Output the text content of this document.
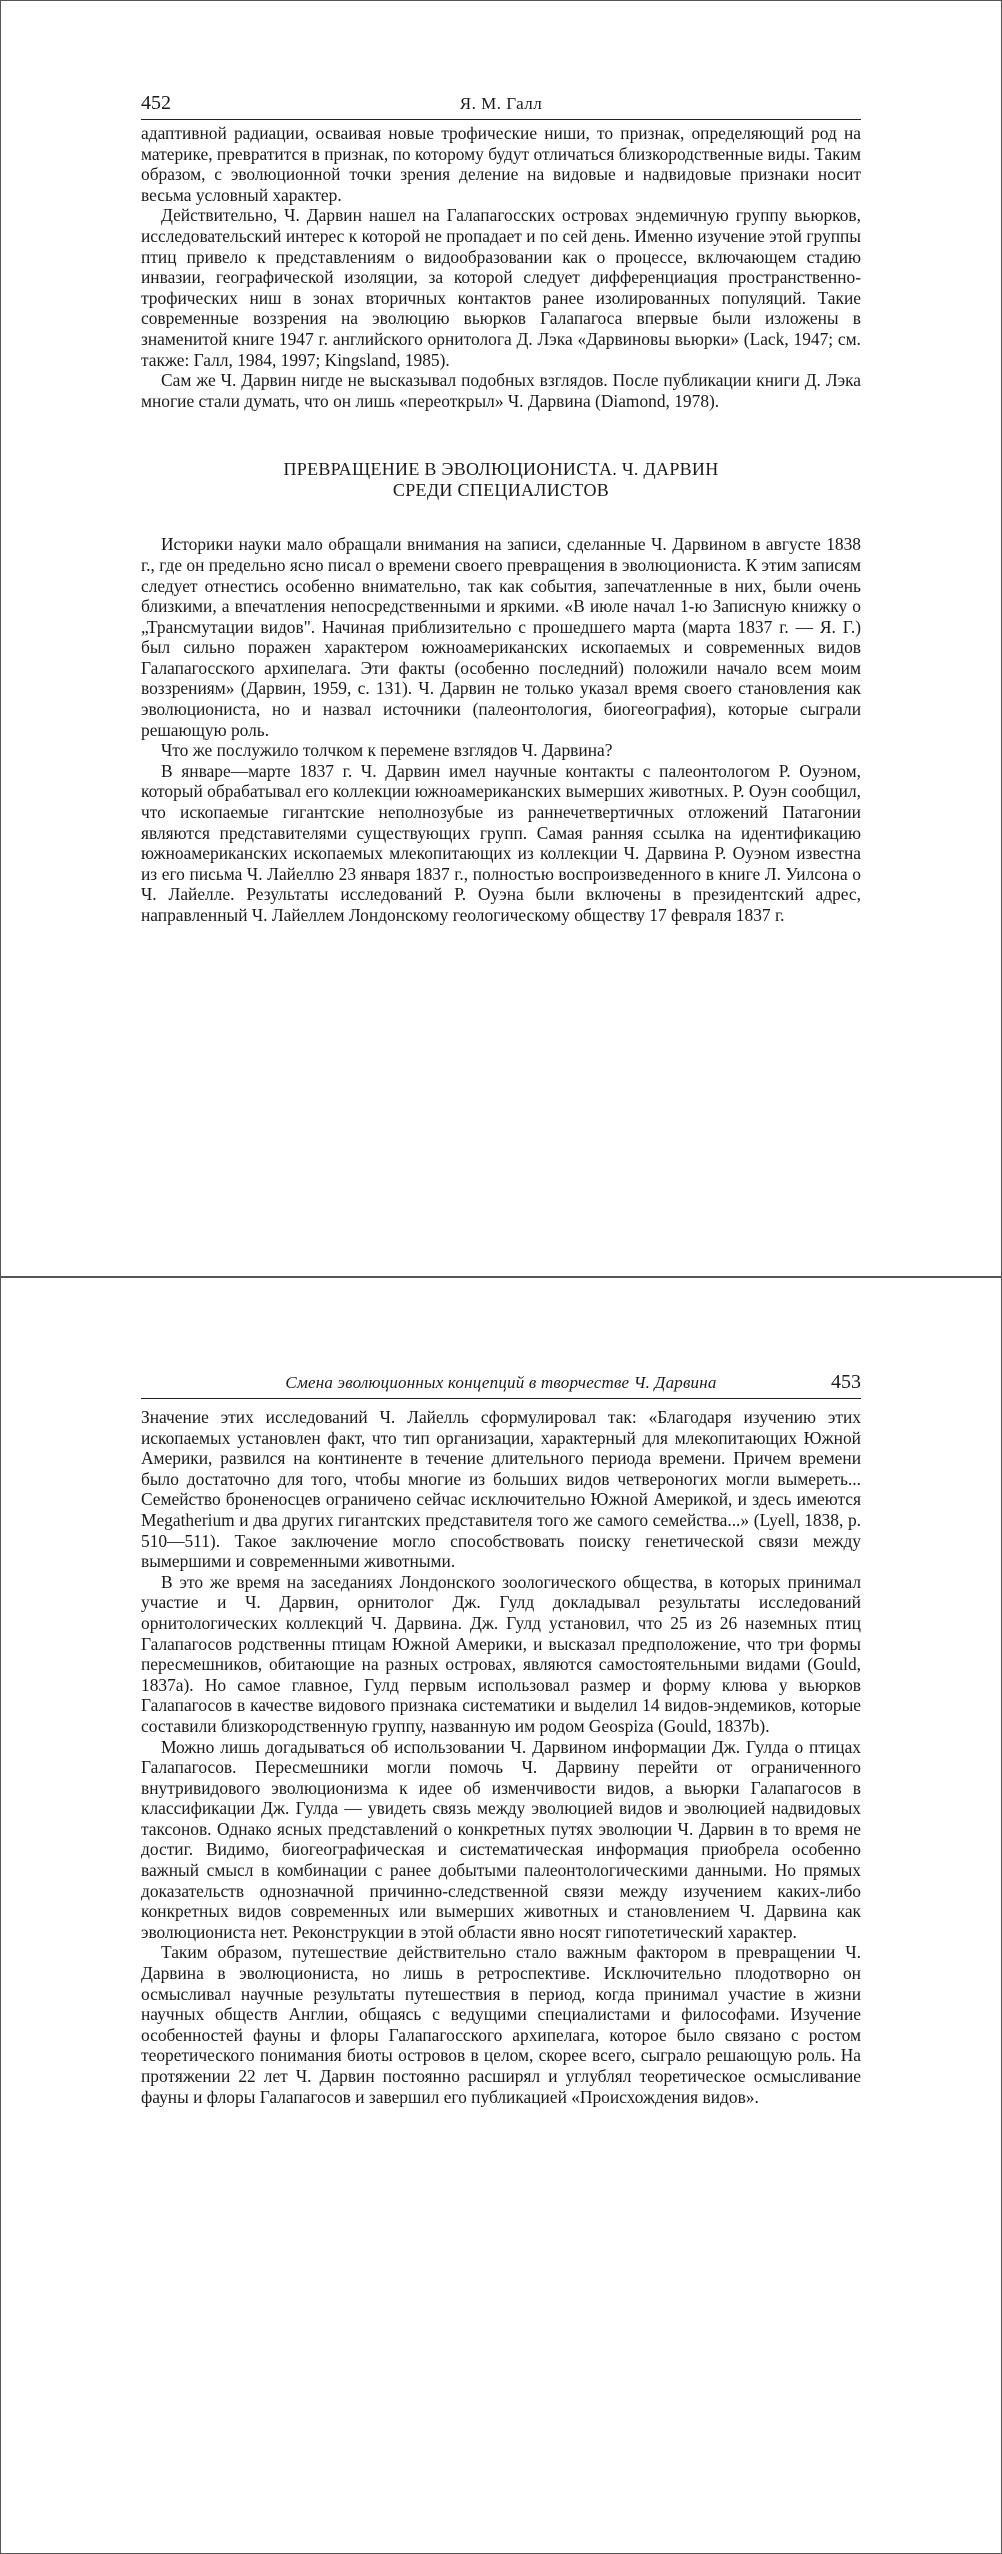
452	Я. М. Галл

адаптивной радиации, осваивая новые трофические ниши, то признак, определяющий род на материке, превратится в признак, по которому будут отличаться близкородственные виды. Таким образом, с эволюционной точки зрения деление на видовые и надвидовые признаки носит весьма условный характер.

Действительно, Ч. Дарвин нашел на Галапагосских островах эндемичную группу вьюрков, исследовательский интерес к которой не пропадает и по сей день. Именно изучение этой группы птиц привело к представлениям о видообразовании как о процессе, включающем стадию инвазии, географической изоляции, за которой следует дифференциация пространственно-трофических ниш в зонах вторичных контактов ранее изолированных популяций. Такие современные воззрения на эволюцию вьюрков Галапагоса впервые были изложены в знаменитой книге 1947 г. английского орнитолога Д. Лэка «Дарвиновы вьюрки» (Lack, 1947; см. также: Галл, 1984, 1997; Kingsland, 1985).

Сам же Ч. Дарвин нигде не высказывал подобных взглядов. После публикации книги Д. Лэка многие стали думать, что он лишь «переоткрыл» Ч. Дарвина (Diamond, 1978).

ПРЕВРАЩЕНИЕ В ЭВОЛЮЦИОНИСТА. Ч. ДАРВИН
СРЕДИ СПЕЦИАЛИСТОВ

Историки науки мало обращали внимания на записи, сделанные Ч. Дарвином в августе 1838 г., где он предельно ясно писал о времени своего превращения в эволюциониста. К этим записям следует отнестись особенно внимательно, так как события, запечатленные в них, были очень близкими, а впечатления непосредственными и яркими. «В июле начал 1-ю Записную книжку о „Трансмутации видов". Начиная приблизительно с прошедшего марта (марта 1837 г. — Я. Г.) был сильно поражен характером южноамериканских ископаемых и современных видов Галапагосского архипелага. Эти факты (особенно последний) положили начало всем моим воззрениям» (Дарвин, 1959, с. 131). Ч. Дарвин не только указал время своего становления как эволюциониста, но и назвал источники (палеонтология, биогеография), которые сыграли решающую роль.

Что же послужило толчком к перемене взглядов Ч. Дарвина?

В январе—марте 1837 г. Ч. Дарвин имел научные контакты с палеонтологом Р. Оуэном, который обрабатывал его коллекции южноамериканских вымерших животных. Р. Оуэн сообщил, что ископаемые гигантские неполнозубые из раннечетвертичных отложений Патагонии являются представителями существующих групп. Самая ранняя ссылка на идентификацию южноамериканских ископаемых млекопитающих из коллекции Ч. Дарвина Р. Оуэном известна из его письма Ч. Лайеллю 23 января 1837 г., полностью воспроизведенного в книге Л. Уилсона о Ч. Лайелле. Результаты исследований Р. Оуэна были включены в президентский адрес, направленный Ч. Лайеллем Лондонскому геологическому обществу 17 февраля 1837 г.

Смена эволюционных концепций в творчестве Ч. Дарвина	453

Значение этих исследований Ч. Лайелль сформулировал так: «Благодаря изучению этих ископаемых установлен факт, что тип организации, характерный для млекопитающих Южной Америки, развился на континенте в течение длительного периода времени. Причем времени было достаточно для того, чтобы многие из больших видов четвероногих могли вымереть... Семейство броненосцев ограничено сейчас исключительно Южной Америкой, и здесь имеются Megatherium и два других гигантских представителя того же самого семейства...» (Lyell, 1838, p. 510—511). Такое заключение могло способствовать поиску генетической связи между вымершими и современными животными.

В это же время на заседаниях Лондонского зоологического общества, в которых принимал участие и Ч. Дарвин, орнитолог Дж. Гулд докладывал результаты исследований орнитологических коллекций Ч. Дарвина. Дж. Гулд установил, что 25 из 26 наземных птиц Галапагосов родственны птицам Южной Америки, и высказал предположение, что три формы пересмешников, обитающие на разных островах, являются самостоятельными видами (Gould, 1837a). Но самое главное, Гулд первым использовал размер и форму клюва у вьюрков Галапагосов в качестве видового признака систематики и выделил 14 видов-эндемиков, которые составили близкородственную группу, названную им родом Geospiza (Gould, 1837b).

Можно лишь догадываться об использовании Ч. Дарвином информации Дж. Гулда о птицах Галапагосов. Пересмешники могли помочь Ч. Дарвину перейти от ограниченного внутривидового эволюционизма к идее об изменчивости видов, а вьюрки Галапагосов в классификации Дж. Гулда — увидеть связь между эволюцией видов и эволюцией надвидовых таксонов. Однако ясных представлений о конкретных путях эволюции Ч. Дарвин в то время не достиг. Видимо, биогеографическая и систематическая информация приобрела особенно важный смысл в комбинации с ранее добытыми палеонтологическими данными. Но прямых доказательств однозначной причинно-следственной связи между изучением каких-либо конкретных видов современных или вымерших животных и становлением Ч. Дарвина как эволюциониста нет. Реконструкции в этой области явно носят гипотетический характер.

Таким образом, путешествие действительно стало важным фактором в превращении Ч. Дарвина в эволюциониста, но лишь в ретроспективе. Исключительно плодотворно он осмысливал научные результаты путешествия в период, когда принимал участие в жизни научных обществ Англии, общаясь с ведущими специалистами и философами. Изучение особенностей фауны и флоры Галапагосского архипелага, которое было связано с ростом теоретического понимания биоты островов в целом, скорее всего, сыграло решающую роль. На протяжении 22 лет Ч. Дарвин постоянно расширял и углублял теоретическое осмысливание фауны и флоры Галапагосов и завершил его публикацией «Происхождения видов».
